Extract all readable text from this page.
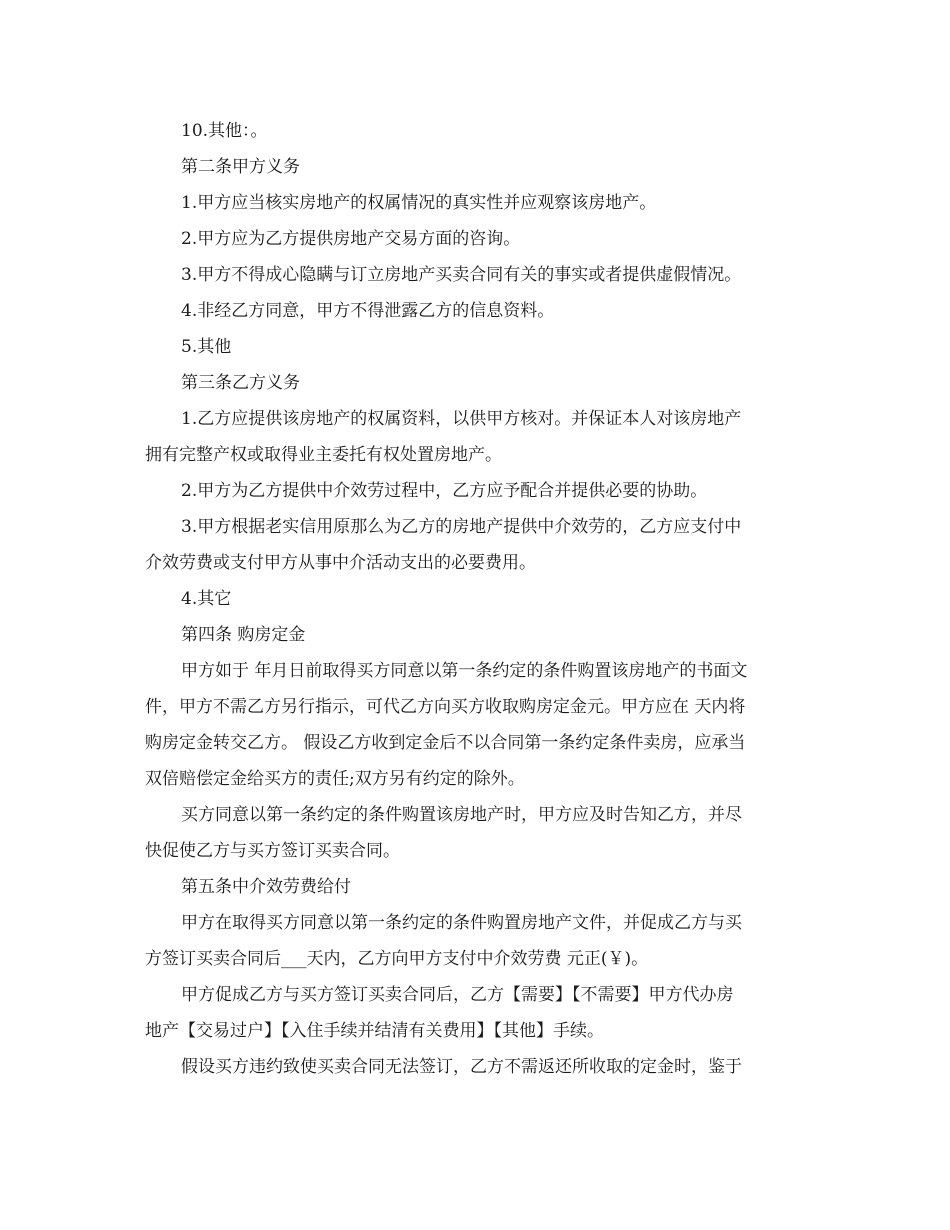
10.其他：。
第二条甲方义务
1.甲方应当核实房地产的权属情况的真实性并应观察该房地产。
2.甲方应为乙方提供房地产交易方面的咨询。
3.甲方不得成心隐瞒与订立房地产买卖合同有关的事实或者提供虚假情况。
4.非经乙方同意，甲方不得泄露乙方的信息资料。
5.其他
第三条乙方义务
1.乙方应提供该房地产的权属资料，以供甲方核对。并保证本人对该房地产
拥有完整产权或取得业主委托有权处置房地产。
2.甲方为乙方提供中介效劳过程中，乙方应予配合并提供必要的协助。
3.甲方根据老实信用原那么为乙方的房地产提供中介效劳的，乙方应支付中
介效劳费或支付甲方从事中介活动支出的必要费用。
4.其它
第四条 购房定金
甲方如于 年月日前取得买方同意以第一条约定的条件购置该房地产的书面文
件，甲方不需乙方另行指示，可代乙方向买方收取购房定金元。甲方应在 天内将
购房定金转交乙方。 假设乙方收到定金后不以合同第一条约定条件卖房，应承当
双倍赔偿定金给买方的责任;双方另有约定的除外。
买方同意以第一条约定的条件购置该房地产时，甲方应及时告知乙方，并尽
快促使乙方与买方签订买卖合同。
第五条中介效劳费给付
甲方在取得买方同意以第一条约定的条件购置房地产文件，并促成乙方与买
方签订买卖合同后___天内，乙方向甲方支付中介效劳费 元正(￥)。
甲方促成乙方与买方签订买卖合同后，乙方【需要】【不需要】甲方代办房
地产【交易过户】【入住手续并结清有关费用】【其他】手续。
假设买方违约致使买卖合同无法签订，乙方不需返还所收取的定金时，鉴于
